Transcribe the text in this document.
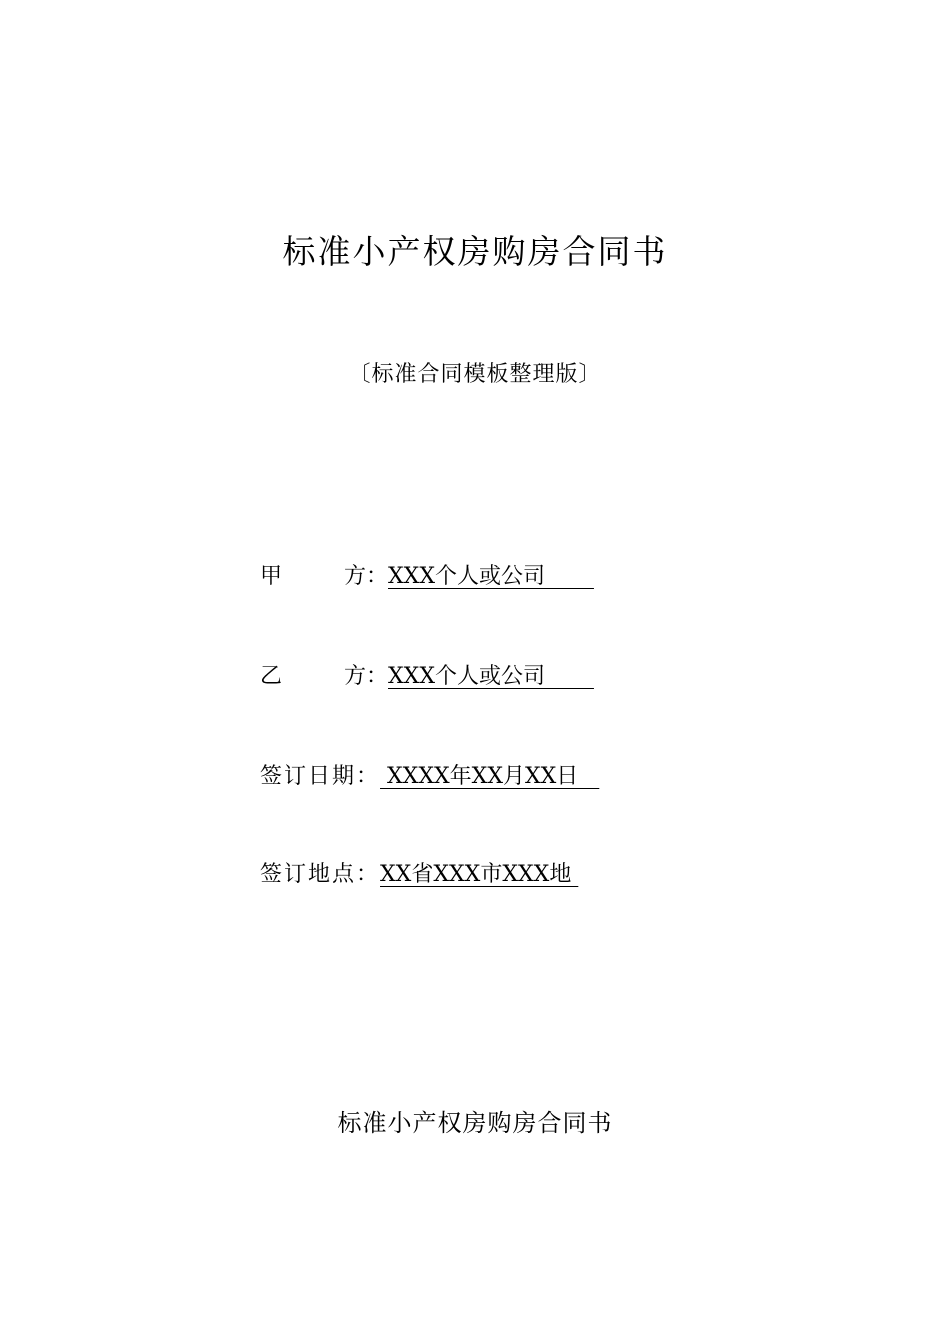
标准小产权房购房合同书
〔标准合同模板整理版〕
甲	方： XXX个人或公司
乙	方： XXX个人或公司
签订日期： XXXX年XX月XX日
签订地点：XX省XXX市XXX地
标准小产权房购房合同书
